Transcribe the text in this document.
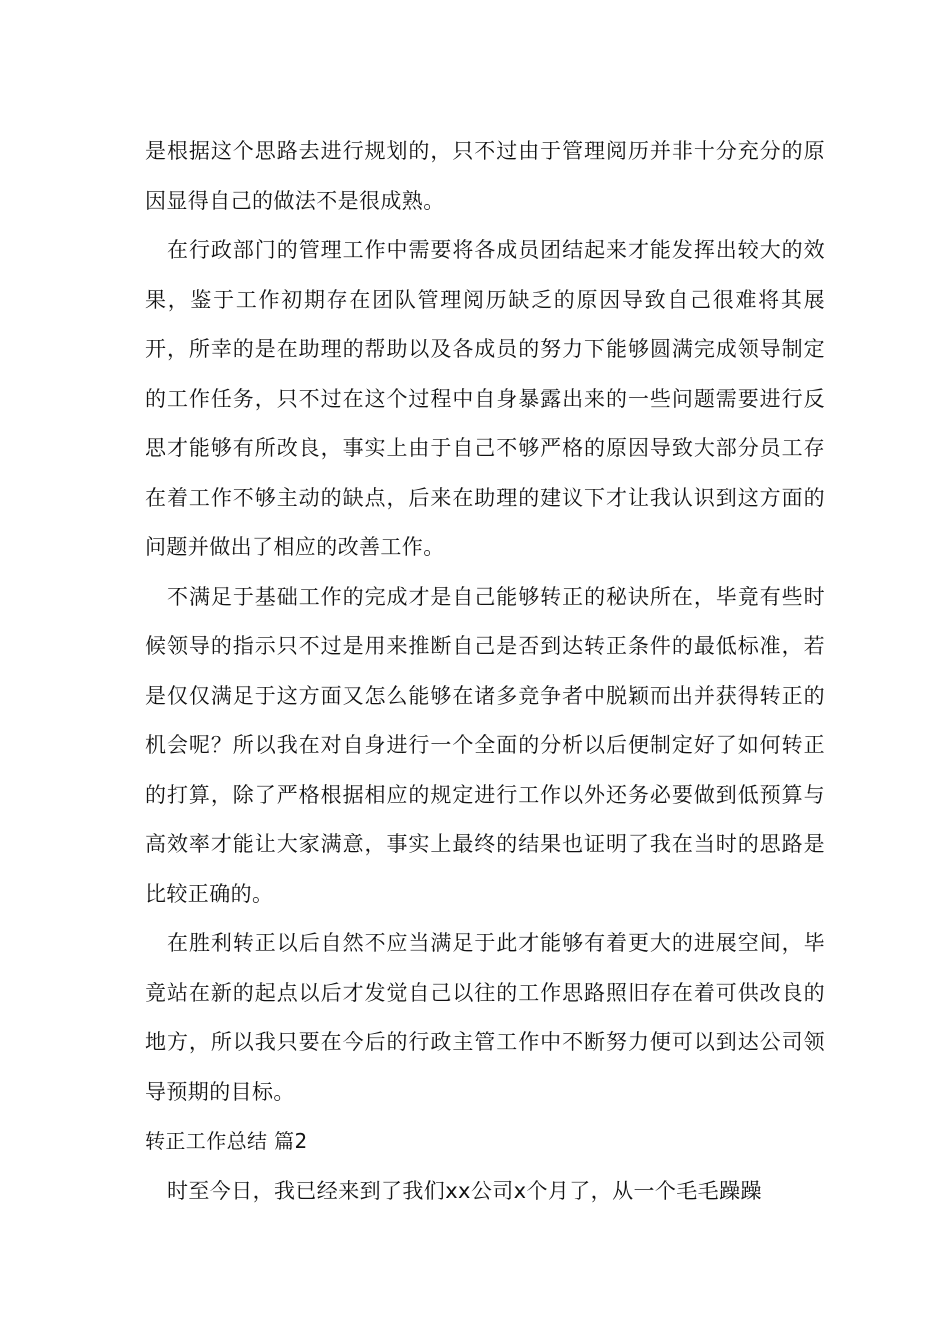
是根据这个思路去进行规划的，只不过由于管理阅历并非十分充分的原因显得自己的做法不是很成熟。

在行政部门的管理工作中需要将各成员团结起来才能发挥出较大的效果，鉴于工作初期存在团队管理阅历缺乏的原因导致自己很难将其展开，所幸的是在助理的帮助以及各成员的努力下能够圆满完成领导制定的工作任务，只不过在这个过程中自身暴露出来的一些问题需要进行反思才能够有所改良，事实上由于自己不够严格的原因导致大部分员工存在着工作不够主动的缺点，后来在助理的建议下才让我认识到这方面的问题并做出了相应的改善工作。

不满足于基础工作的完成才是自己能够转正的秘诀所在，毕竟有些时候领导的指示只不过是用来推断自己是否到达转正条件的最低标准，若是仅仅满足于这方面又怎么能够在诸多竞争者中脱颖而出并获得转正的机会呢？所以我在对自身进行一个全面的分析以后便制定好了如何转正的打算，除了严格根据相应的规定进行工作以外还务必要做到低预算与高效率才能让大家满意，事实上最终的结果也证明了我在当时的思路是比较正确的。

在胜利转正以后自然不应当满足于此才能够有着更大的进展空间，毕竟站在新的起点以后才发觉自己以往的工作思路照旧存在着可供改良的地方，所以我只要在今后的行政主管工作中不断努力便可以到达公司领导预期的目标。

转正工作总结 篇2

时至今日，我已经来到了我们xx公司x个月了，从一个毛毛躁躁
